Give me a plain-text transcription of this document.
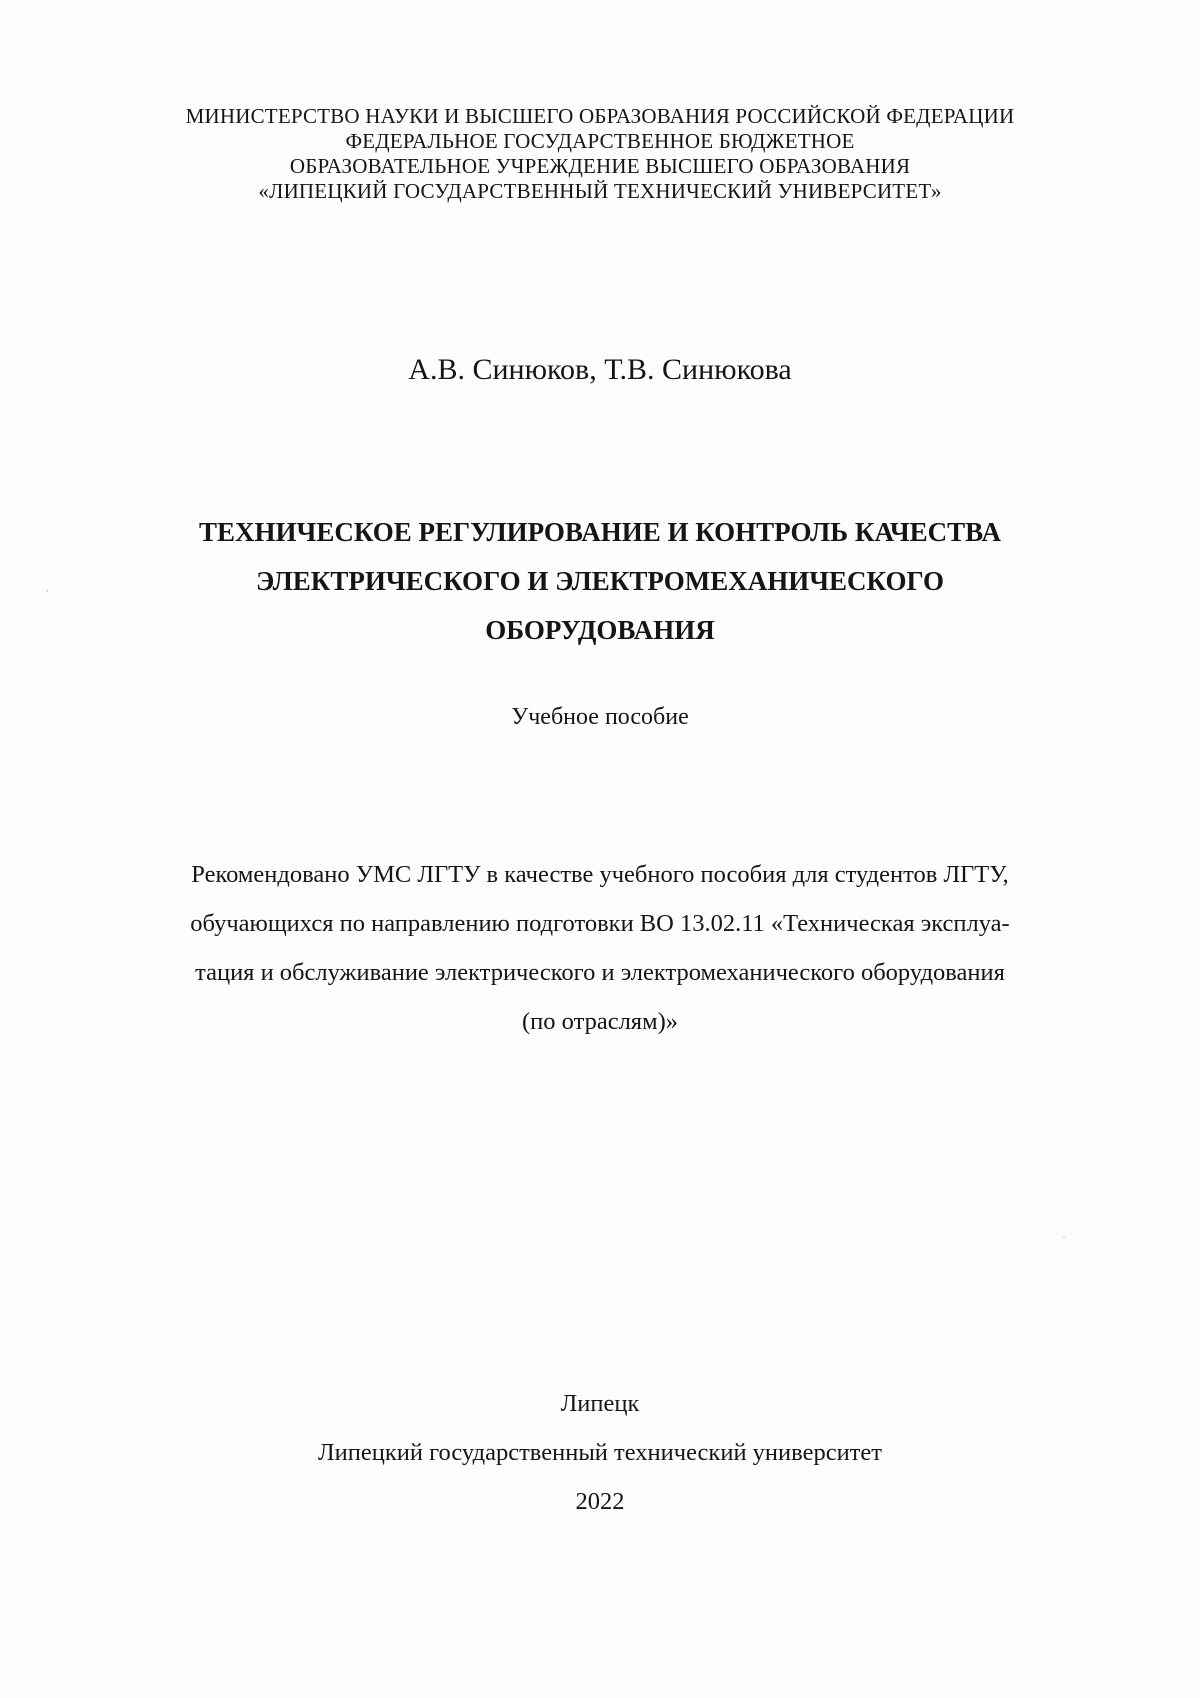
МИНИСТЕРСТВО НАУКИ И ВЫСШЕГО ОБРАЗОВАНИЯ РОССИЙСКОЙ ФЕДЕРАЦИИ
ФЕДЕРАЛЬНОЕ ГОСУДАРСТВЕННОЕ БЮДЖЕТНОЕ
ОБРАЗОВАТЕЛЬНОЕ УЧРЕЖДЕНИЕ ВЫСШЕГО ОБРАЗОВАНИЯ
«ЛИПЕЦКИЙ ГОСУДАРСТВЕННЫЙ ТЕХНИЧЕСКИЙ УНИВЕРСИТЕТ»
А.В. Синюков, Т.В. Синюкова
ТЕХНИЧЕСКОЕ РЕГУЛИРОВАНИЕ И КОНТРОЛЬ КАЧЕСТВА
ЭЛЕКТРИЧЕСКОГО И ЭЛЕКТРОМЕХАНИЧЕСКОГО
ОБОРУДОВАНИЯ
Учебное пособие
Рекомендовано УМС ЛГТУ в качестве учебного пособия для студентов ЛГТУ,
обучающихся по направлению подготовки ВО 13.02.11 «Техническая эксплуа-
тация и обслуживание электрического и электромеханического оборудования
(по отраслям)»
Липецк
Липецкий государственный технический университет
2022
